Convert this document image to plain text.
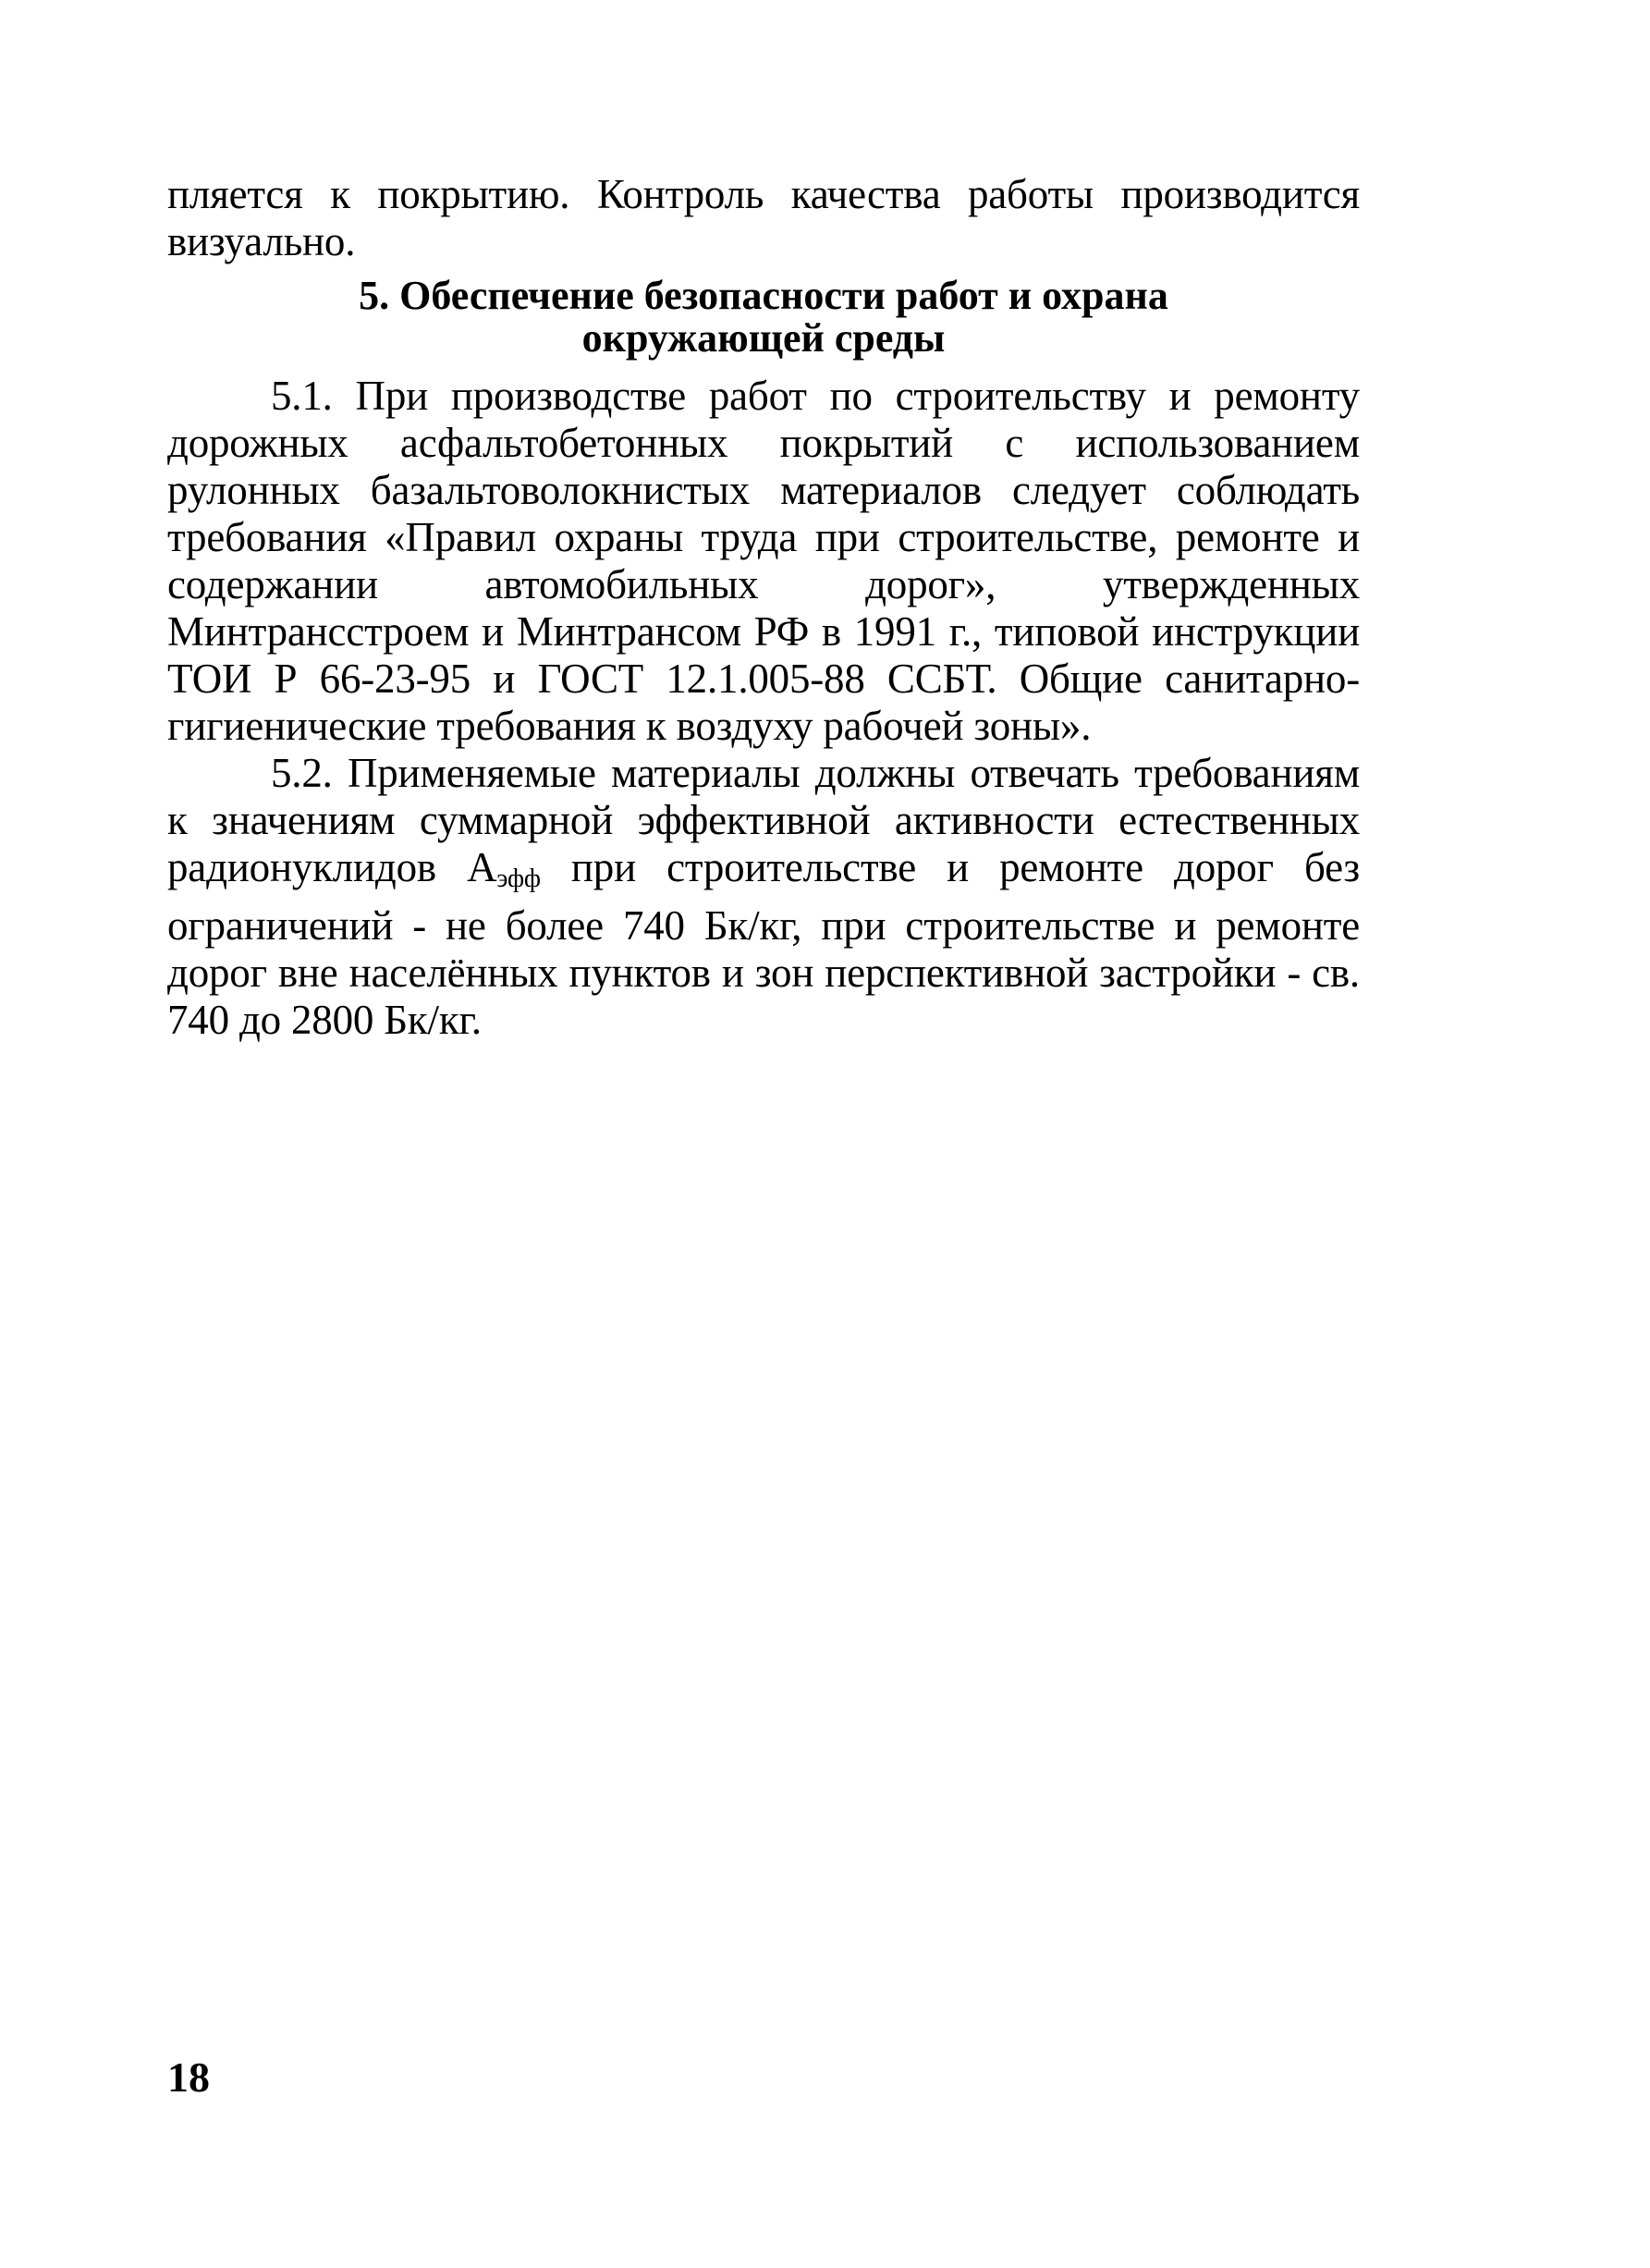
пляется к покрытию. Контроль качества работы производится визуально.

5. Обеспечение безопасности работ и охрана
окружающей среды

5.1. При производстве работ по строительству и ремонту дорожных асфальтобетонных покрытий с использованием рулонных базальтоволокнистых материалов следует соблюдать требования «Правил охраны труда при строительстве, ремонте и содержании автомобильных дорог», утвержденных Минтрансстроем и Минтрансом РФ в 1991 г., типовой инструкции ТОИ Р 66-23-95 и ГОСТ 12.1.005-88 ССБТ. Общие санитарно-гигиенические требования к воздуху рабочей зоны».

5.2. Применяемые материалы должны отвечать требованиям к значениям суммарной эффективной активности естественных радионуклидов $А_{эфф}$ при строительстве и ремонте дорог без ограничений - не более 740 Бк/кг, при строительстве и ремонте дорог вне населённых пунктов и зон перспективной застройки - св. 740 до 2800 Бк/кг.

18
